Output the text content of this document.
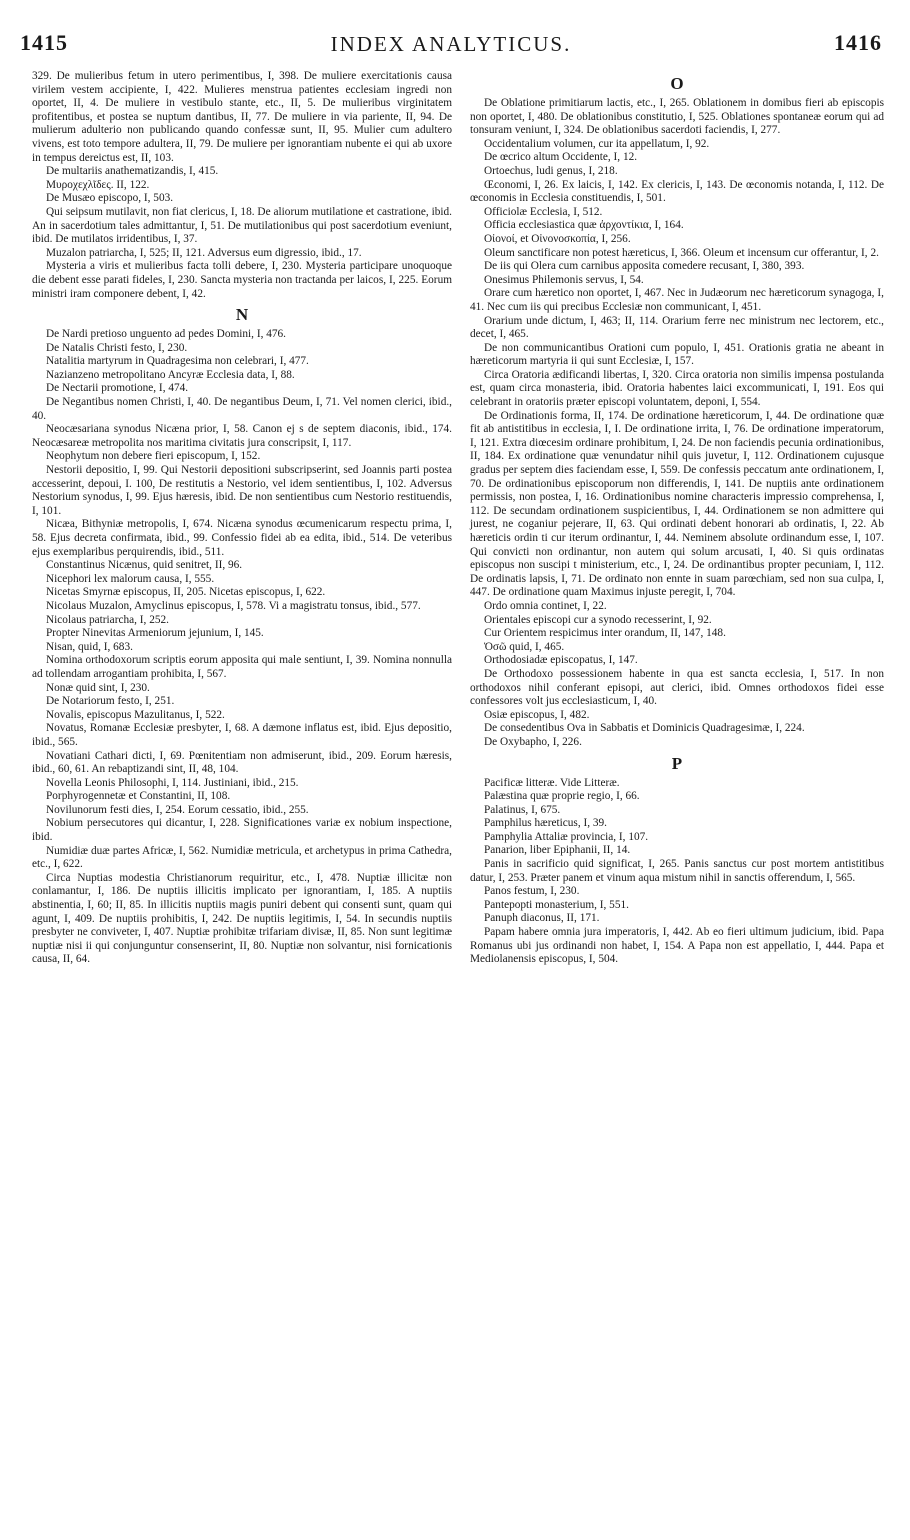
1415	INDEX ANALYTICUS.	1416

329. De mulieribus fetum in utero perimentibus, I, 398. De muliere exercitationis causa virilem vestem accipiente, I, 422. Mulieres menstrua patientes ecclesiam ingredi non oportet, II, 4. De muliere in vestibulo stante, etc., II, 5. De mulieribus virginitatem profitentibus, et postea se nuptum dantibus, II, 77. De muliere in via pariente, II, 94. De mulierum adulterio non publicando quando confessæ sunt, II, 95. Mulier cum adultero vivens, est toto tempore adultera, II, 79. De muliere per ignorantiam nubente ei qui ab uxore in tempus dereictus est, II, 103.

De multariis anathematizandis, I, 415.

Μυροχεχλῖδες. II, 122.

De Musæo episcopo, I, 503.

Qui seipsum mutilavit, non fiat clericus, I, 18. De aliorum mutilatione et castratione, ibid. An in sacerdotium tales admittantur, I, 51. De mutilationibus qui post sacerdotium eveniunt, ibid. De mutilatos irridentibus, I, 37.

Muzalon patriarcha, I, 525; II, 121. Adversus eum digressio, ibid., 17.

Mysteria a viris et mulieribus facta tolli debere, I, 230. Mysteria participare unoquoque die debent esse parati fideles, I, 230. Sancta mysteria non tractanda per laicos, I, 225. Eorum ministri iram componere debent, I, 42.

N

De Nardi pretioso unguento ad pedes Domini, I, 476.

De Natalis Christi festo, I, 230.

Natalitia martyrum in Quadragesima non celebrari, I, 477.

Nazianzeno metropolitano Ancyræ Ecclesia data, I, 88.

De Nectarii promotione, I, 474.

De Negantibus nomen Christi, I, 40. De negantibus Deum, I, 71. Vel nomen clerici, ibid., 40.

Neocæsariana synodus Nicæna prior, I, 58. Canon ej s de septem diaconis, ibid., 174. Neocæsareæ metropolita nos maritima civitatis jura conscripsit, I, 117.

Neophytum non debere fieri episcopum, I, 152.

Nestorii depositio, I, 99. Qui Nestorii depositioni subscripserint, sed Joannis parti postea accesserint, depoui, I. 100, De restitutis a Nestorio, vel idem sentientibus, I, 102. Adversus Nestorium synodus, I, 99. Ejus hæresis, ibid. De non sentientibus cum Nestorio restituendis, I, 101.

Nicæa, Bithyniæ metropolis, I, 674. Nicæna synodus œcumenicarum respectu prima, I, 58. Ejus decreta confirmata, ibid., 99. Confessio fidei ab ea edita, ibid., 514. De veteribus ejus exemplaribus perquirendis, ibid., 511.

Constantinus Nicænus, quid senitret, II, 96.

Nicephori lex malorum causa, I, 555.

Nicetas Smyrnæ episcopus, II, 205. Nicetas episcopus, I, 622.

Nicolaus Muzalon, Amyclinus episcopus, I, 578. Vi a magistratu tonsus, ibid., 577.

Nicolaus patriarcha, I, 252.

Propter Ninevitas Armeniorum jejunium, I, 145.

Nisan, quid, I, 683.

Nomina orthodoxorum scriptis eorum apposita qui male sentiunt, I, 39. Nomina nonnulla ad tollendam arrogantiam prohibita, I, 567.

Nonæ quid sint, I, 230.

De Notariorum festo, I, 251.

Novalis, episcopus Mazulitanus, I, 522.

Novatus, Romanæ Ecclesiæ presbyter, I, 68. A dæmone inflatus est, ibid. Ejus depositio, ibid., 565.

Novatiani Cathari dicti, I, 69. Pœnitentiam non admiserunt, ibid., 209. Eorum hæresis, ibid., 60, 61. An rebaptizandi sint, II, 48, 104.

Novella Leonis Philosophi, I, 114. Justiniani, ibid., 215.

Porphyrogennetæ et Constantini, II, 108.

Novilunorum festi dies, I, 254. Eorum cessatio, ibid., 255.

Nobium persecutores qui dicantur, I, 228. Significationes variæ ex nobium inspectione, ibid.

Numidiæ duæ partes Africæ, I, 562. Numidiæ metricula, et archetypus in prima Cathedra, etc., I, 622.

Circa Nuptias modestia Christianorum requiritur, etc., I, 478. Nuptiæ illicitæ non conlamantur, I, 186. De nuptiis illicitis implicato per ignorantiam, I, 185. A nuptiis abstinentia, I, 60; II, 85. In illicitis nuptiis magis puniri debent qui consenti sunt, quam qui agunt, I, 409. De nuptiis prohibitis, I, 242. De nuptiis legitimis, I, 54. In secundis nuptiis presbyter ne conviveter, I, 407. Nuptiæ prohibitæ trifariam divisæ, II, 85. Non sunt legitimæ nuptiæ nisi ii qui conjunguntur consenserint, II, 80. Nuptiæ non solvantur, nisi fornicationis causa, II, 64.

O

De Oblatione primitiarum lactis, etc., I, 265. Oblationem in domibus fieri ab episcopis non oportet, I, 480. De oblationibus constitutio, I, 525. Oblationes spontaneæ eorum qui ad tonsuram veniunt, I, 324. De oblationibus sacerdoti faciendis, I, 277.

Occidentalium volumen, cur ita appellatum, I, 92.

De œcrico altum Occidente, I, 12.

Ortoechus, ludi genus, I, 218.

Œconomi, I, 26. Ex laicis, I, 142. Ex clericis, I, 143. De œconomis notanda, I, 112. De œconomis in Ecclesia constituendis, I, 501.

Officiolæ Ecclesia, I, 512.

Officia ecclesiastica quæ ἀρχοντίκια, I, 164.

Οἰονοί, et Οἰνονοσκοπία, I, 256.

Oleum sanctificare non potest hæreticus, I, 366. Oleum et incensum cur offerantur, I, 2.

De iis qui Olera cum carnibus apposita comedere recusant, I, 380, 393.

Onesimus Philemonis servus, I, 54.

Orare cum hæretico non oportet, I, 467. Nec in Judæorum nec hæreticorum synagoga, I, 41. Nec cum iis qui precibus Ecclesiæ non communicant, I, 451.

Orarium unde dictum, I, 463; II, 114. Orarium ferre nec ministrum nec lectorem, etc., decet, I, 465.

De non communicantibus Orationi cum populo, I, 451. Orationis gratia ne abeant in hæreticorum martyria ii qui sunt Ecclesiæ, I, 157.

Circa Oratoria ædificandi libertas, I, 320. Circa oratoria non similis impensa postulanda est, quam circa monasteria, ibid. Oratoria habentes laici excommunicati, I, 191. Eos qui celebrant in oratoriis præter episcopi voluntatem, deponi, I, 554.

De Ordinationis forma, II, 174. De ordinatione hæreticorum, I, 44. De ordinatione quæ fit ab antistitibus in ecclesia, I, I. De ordinatione irrita, I, 76. De ordinatione imperatorum, I, 121. Extra diœcesim ordinare prohibitum, I, 24. De non faciendis pecunia ordinationibus, II, 184. Ex ordinatione quæ venundatur nihil quis juvetur, I, 112. Ordinationem cujusque gradus per septem dies faciendam esse, I, 559. De confessis peccatum ante ordinationem, I, 70. De ordinationibus episcoporum non differendis, I, 141. De nuptiis ante ordinationem permissis, non postea, I, 16. Ordinationibus nomine characteris impressio comprehensa, I, 112. De secundam ordinationem suspicientibus, I, 44. Ordinationem se non admittere qui jurest, ne coganiur pejerare, II, 63. Qui ordinati debent honorari ab ordinatis, I, 22. Ab hæreticis ordin ti cur iterum ordinantur, I, 44. Neminem absolute ordinandum esse, I, 107. Qui convicti non ordinantur, non autem qui solum arcusati, I, 40. Si quis ordinatas episcopus non suscipi t ministerium, etc., I, 24. De ordinantibus propter pecuniam, I, 112. De ordinatis lapsis, I, 71. De ordinato non ennte in suam parœchiam, sed non sua culpa, I, 447. De ordinatione quam Maximus injuste peregit, I, 704.

Ordo omnia continet, I, 22.

Orientales episcopi cur a synodo recesserint, I, 92.

Cur Orientem respicimus inter orandum, II, 147, 148.

Ὁσῶ quid, I, 465.

Orthodosiadæ episcopatus, I, 147.

De Orthodoxo possessionem habente in qua est sancta ecclesia, I, 517. In non orthodoxos nihil conferant episopi, aut clerici, ibid. Omnes orthodoxos fidei esse confessores volt jus ecclesiasticum, I, 40.

Osiæ episcopus, I, 482.

De consedentibus Ova in Sabbatis et Dominicis Quadragesimæ, I, 224.

De Oxybapho, I, 226.

P

Pacificæ litteræ. Vide Litteræ.

Palæstina quæ proprie regio, I, 66.

Palatinus, I, 675.

Pamphilus hæreticus, I, 39.

Pamphylia Attaliæ provincia, I, 107.

Panarion, liber Epiphanii, II, 14.

Panis in sacrificio quid significat, I, 265. Panis sanctus cur post mortem antistitibus datur, I, 253. Præter panem et vinum aqua mistum nihil in sanctis offerendum, I, 565.

Panos festum, I, 230.

Pantepopti monasterium, I, 551.

Panuph diaconus, II, 171.

Papam habere omnia jura imperatoris, I, 442. Ab eo fieri ultimum judicium, ibid. Papa Romanus ubi jus ordinandi non habet, I, 154. A Papa non est appellatio, I, 444. Papa et Mediolanensis episcopus, I, 504.
